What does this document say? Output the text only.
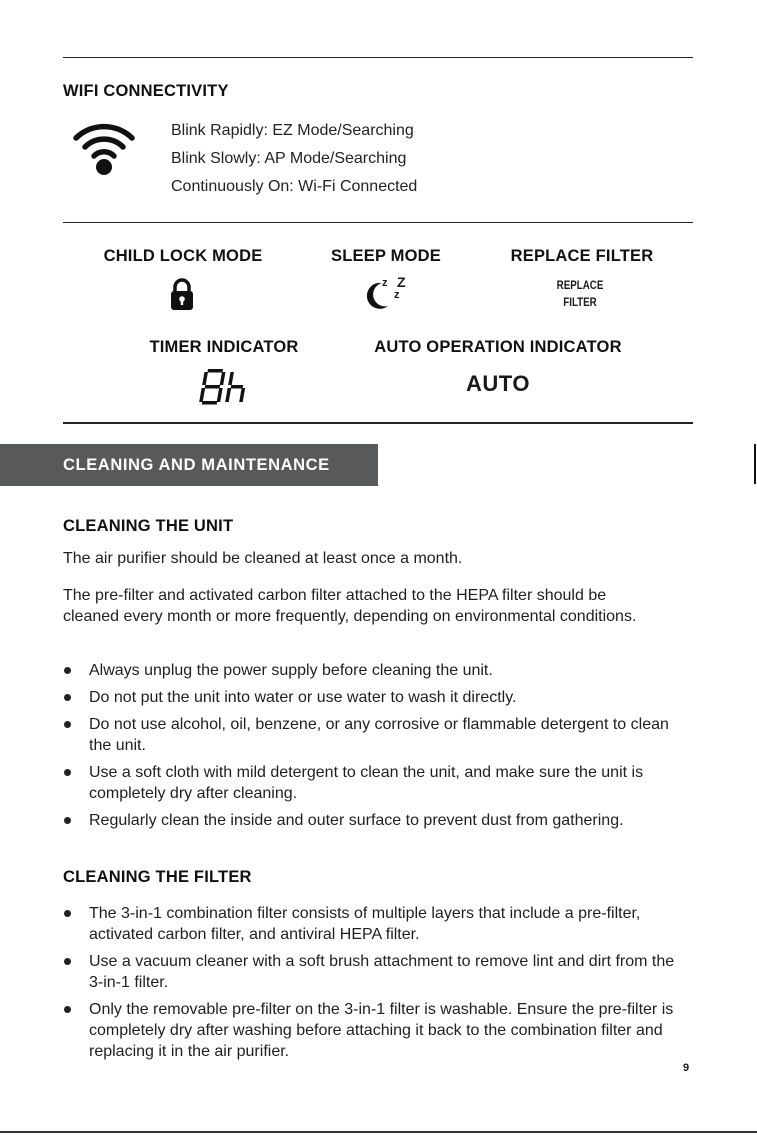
WIFI CONNECTIVITY
Blink Rapidly: EZ Mode/Searching
Blink Slowly: AP Mode/Searching
Continuously On: Wi-Fi Connected
CHILD LOCK MODE	SLEEP MODE	REPLACE FILTER
z Z
z
REPLACE
FILTER
TIMER INDICATOR	AUTO OPERATION INDICATOR
AUTO
CLEANING AND MAINTENANCE
CLEANING THE UNIT
The air purifier should be cleaned at least once a month.
The pre-filter and activated carbon filter attached to the HEPA filter should be cleaned every month or more frequently, depending on environmental conditions.
Always unplug the power supply before cleaning the unit.
Do not put the unit into water or use water to wash it directly.
Do not use alcohol, oil, benzene, or any corrosive or flammable detergent to clean the unit.
Use a soft cloth with mild detergent to clean the unit, and make sure the unit is completely dry after cleaning.
Regularly clean the inside and outer surface to prevent dust from gathering.
CLEANING THE FILTER
The 3-in-1 combination filter consists of multiple layers that include a pre-filter, activated carbon filter, and antiviral HEPA filter.
Use a vacuum cleaner with a soft brush attachment to remove lint and dirt from the 3-in-1 filter.
Only the removable pre-filter on the 3-in-1 filter is washable. Ensure the pre-filter is completely dry after washing before attaching it back to the combination filter and replacing it in the air purifier.
9
